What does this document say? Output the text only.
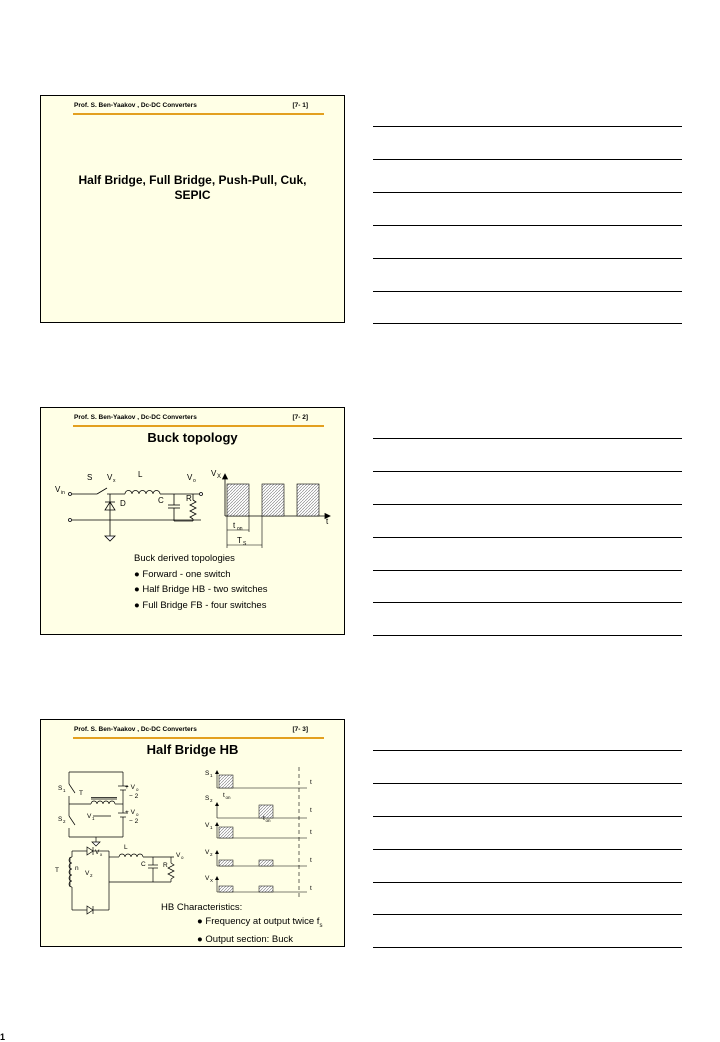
Prof. S. Ben-Yaakov , Dc-DC Converters	[7- 1]
Half Bridge, Full Bridge, Push-Pull, Cuk,
SEPIC
Prof. S. Ben-Yaakov , Dc-DC Converters	[7- 2]
Buck topology
S V x
L	V o
V in
D	C	R
V X
t
t on
T S
Buck derived topologies
● Forward - one switch
● Half Bridge HB - two switches
● Full Bridge FB - four switches
Prof. S. Ben-Yaakov , Dc-DC Converters	[7- 3]
Half Bridge HB
S 1
S 2
T
V 1
+ V o
− 2
+ V o
− 2
V x
L
V o
C	R
T n
V 2
S 1
t
t on
S 2
t
t on
V 1
t
V 2
t
V X
t
HB Characteristics:
● Frequency at output twice $f_s$
● Output section: Buck
1
